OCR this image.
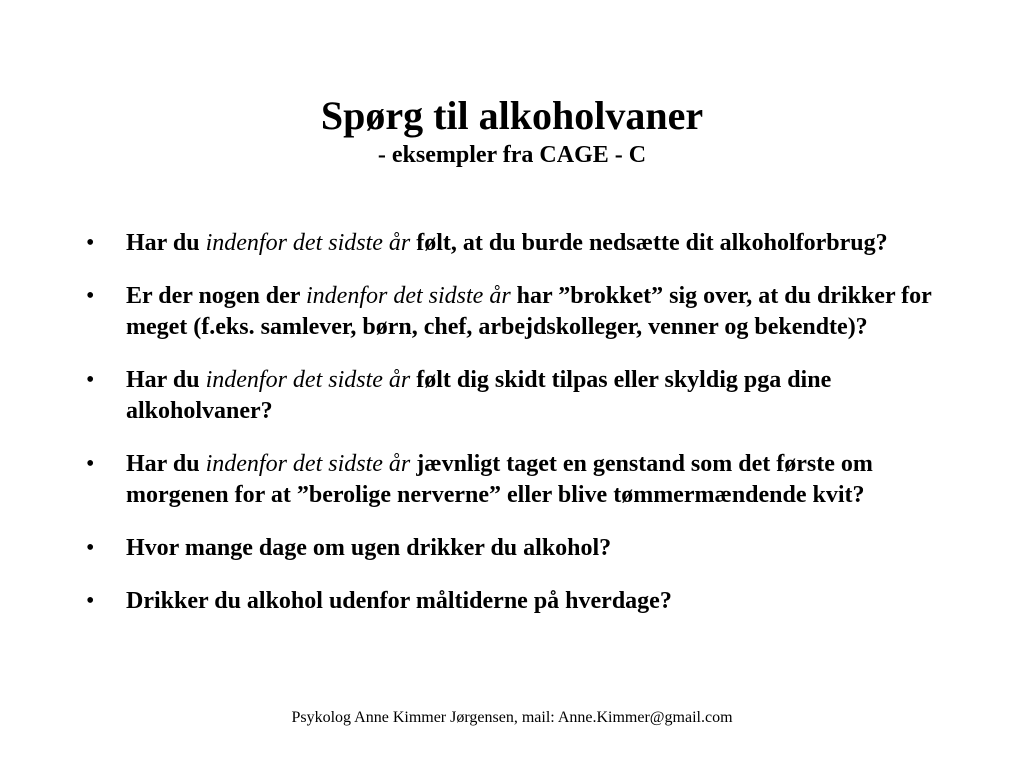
Spørg til alkoholvaner

- eksempler fra CAGE - C

• Har du indenfor det sidste år følt, at du burde nedsætte dit alkoholforbrug?
• Er der nogen der indenfor det sidste år har ”brokket” sig over, at du drikker for meget (f.eks. samlever, børn, chef, arbejdskolleger, venner og bekendte)?
• Har du indenfor det sidste år følt dig skidt tilpas eller skyldig pga dine alkoholvaner?
• Har du indenfor det sidste år jævnligt taget en genstand som det første om morgenen for at ”berolige nerverne” eller blive tømmermændende kvit?
• Hvor mange dage om ugen drikker du alkohol?
• Drikker du alkohol udenfor måltiderne på hverdage?
Psykolog Anne Kimmer Jørgensen, mail: Anne.Kimmer@gmail.com
